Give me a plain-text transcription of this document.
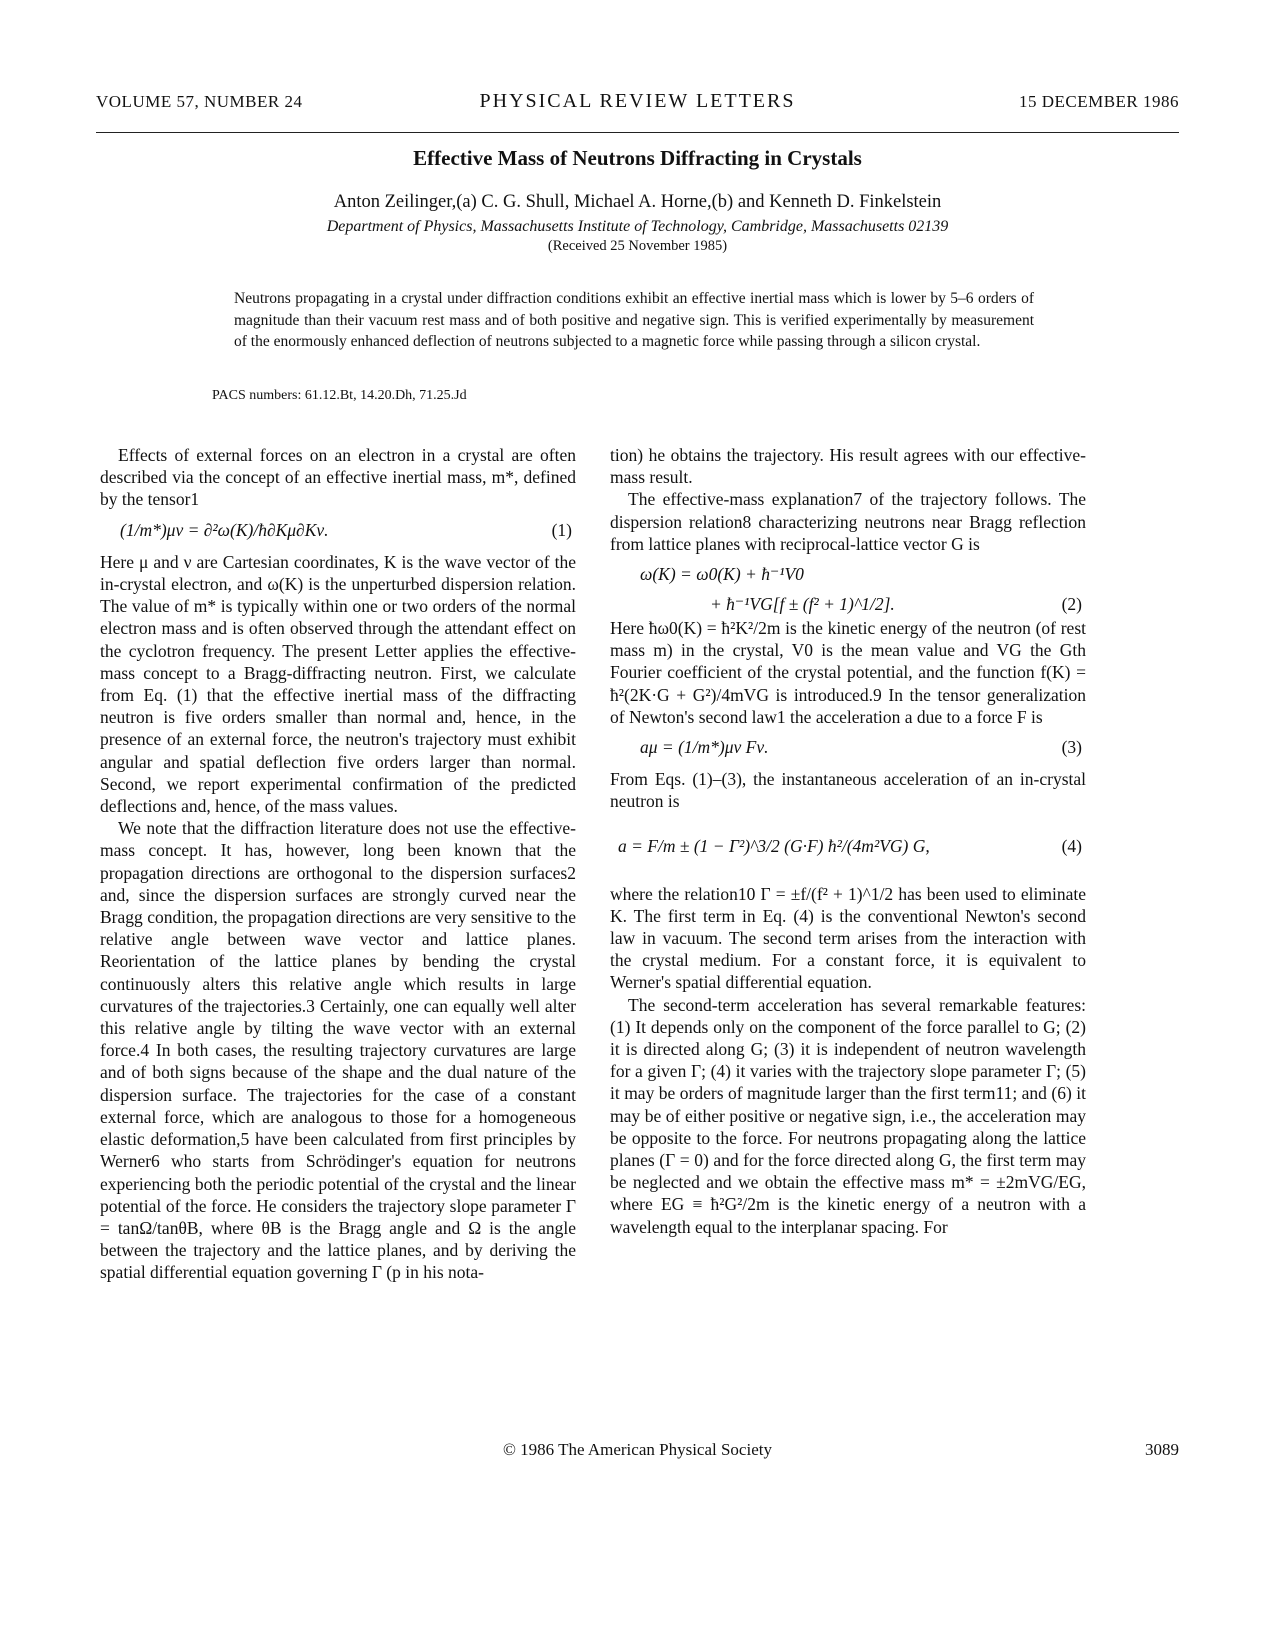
VOLUME 57, NUMBER 24	PHYSICAL REVIEW LETTERS	15 DECEMBER 1986
Effective Mass of Neutrons Diffracting in Crystals
Anton Zeilinger,(a) C. G. Shull, Michael A. Horne,(b) and Kenneth D. Finkelstein
Department of Physics, Massachusetts Institute of Technology, Cambridge, Massachusetts 02139
(Received 25 November 1985)
Neutrons propagating in a crystal under diffraction conditions exhibit an effective inertial mass which is lower by 5–6 orders of magnitude than their vacuum rest mass and of both positive and negative sign. This is verified experimentally by measurement of the enormously enhanced deflection of neutrons subjected to a magnetic force while passing through a silicon crystal.
PACS numbers: 61.12.Bt, 14.20.Dh, 71.25.Jd

Effects of external forces on an electron in a crystal are often described via the concept of an effective inertial mass, m*, defined by the tensor1

(1/m*)μν = ∂²ω(K)/ħ∂Kμ∂Kν.	(1)

Here μ and ν are Cartesian coordinates, K is the wave vector of the in-crystal electron, and ω(K) is the unperturbed dispersion relation. The value of m* is typically within one or two orders of the normal electron mass and is often observed through the attendant effect on the cyclotron frequency. The present Letter applies the effective-mass concept to a Bragg-diffracting neutron. First, we calculate from Eq. (1) that the effective inertial mass of the diffracting neutron is five orders smaller than normal and, hence, in the presence of an external force, the neutron's trajectory must exhibit angular and spatial deflection five orders larger than normal. Second, we report experimental confirmation of the predicted deflections and, hence, of the mass values.

We note that the diffraction literature does not use the effective-mass concept. It has, however, long been known that the propagation directions are orthogonal to the dispersion surfaces2 and, since the dispersion surfaces are strongly curved near the Bragg condition, the propagation directions are very sensitive to the relative angle between wave vector and lattice planes. Reorientation of the lattice planes by bending the crystal continuously alters this relative angle which results in large curvatures of the trajectories.3 Certainly, one can equally well alter this relative angle by tilting the wave vector with an external force.4 In both cases, the resulting trajectory curvatures are large and of both signs because of the shape and the dual nature of the dispersion surface. The trajectories for the case of a constant external force, which are analogous to those for a homogeneous elastic deformation,5 have been calculated from first principles by Werner6 who starts from Schrödinger's equation for neutrons experiencing both the periodic potential of the crystal and the linear potential of the force. He considers the trajectory slope parameter Γ = tanΩ/tanθB, where θB is the Bragg angle and Ω is the angle between the trajectory and the lattice planes, and by deriving the spatial differential equation governing Γ (p in his nota-

tion) he obtains the trajectory. His result agrees with our effective-mass result.

The effective-mass explanation7 of the trajectory follows. The dispersion relation8 characterizing neutrons near Bragg reflection from lattice planes with reciprocal-lattice vector G is

ω(K) = ω0(K) + ħ⁻¹V0
+ ħ⁻¹VG[f ± (f² + 1)^1/2].	(2)

Here ħω0(K) = ħ²K²/2m is the kinetic energy of the neutron (of rest mass m) in the crystal, V0 is the mean value and VG the Gth Fourier coefficient of the crystal potential, and the function f(K) = ħ²(2K·G + G²)/4mVG is introduced.9 In the tensor generalization of Newton's second law1 the acceleration a due to a force F is

aμ = (1/m*)μν Fν.	(3)

From Eqs. (1)–(3), the instantaneous acceleration of an in-crystal neutron is

a = F/m ± (1 − Γ²)^3/2 (G·F) ħ²/(4m²VG) G,	(4)

where the relation10 Γ = ±f/(f² + 1)^1/2 has been used to eliminate K. The first term in Eq. (4) is the conventional Newton's second law in vacuum. The second term arises from the interaction with the crystal medium. For a constant force, it is equivalent to Werner's spatial differential equation.

The second-term acceleration has several remarkable features: (1) It depends only on the component of the force parallel to G; (2) it is directed along G; (3) it is independent of neutron wavelength for a given Γ; (4) it varies with the trajectory slope parameter Γ; (5) it may be orders of magnitude larger than the first term11; and (6) it may be of either positive or negative sign, i.e., the acceleration may be opposite to the force. For neutrons propagating along the lattice planes (Γ = 0) and for the force directed along G, the first term may be neglected and we obtain the effective mass m* = ±2mVG/EG, where EG ≡ ħ²G²/2m is the kinetic energy of a neutron with a wavelength equal to the interplanar spacing. For

© 1986 The American Physical Society	3089
